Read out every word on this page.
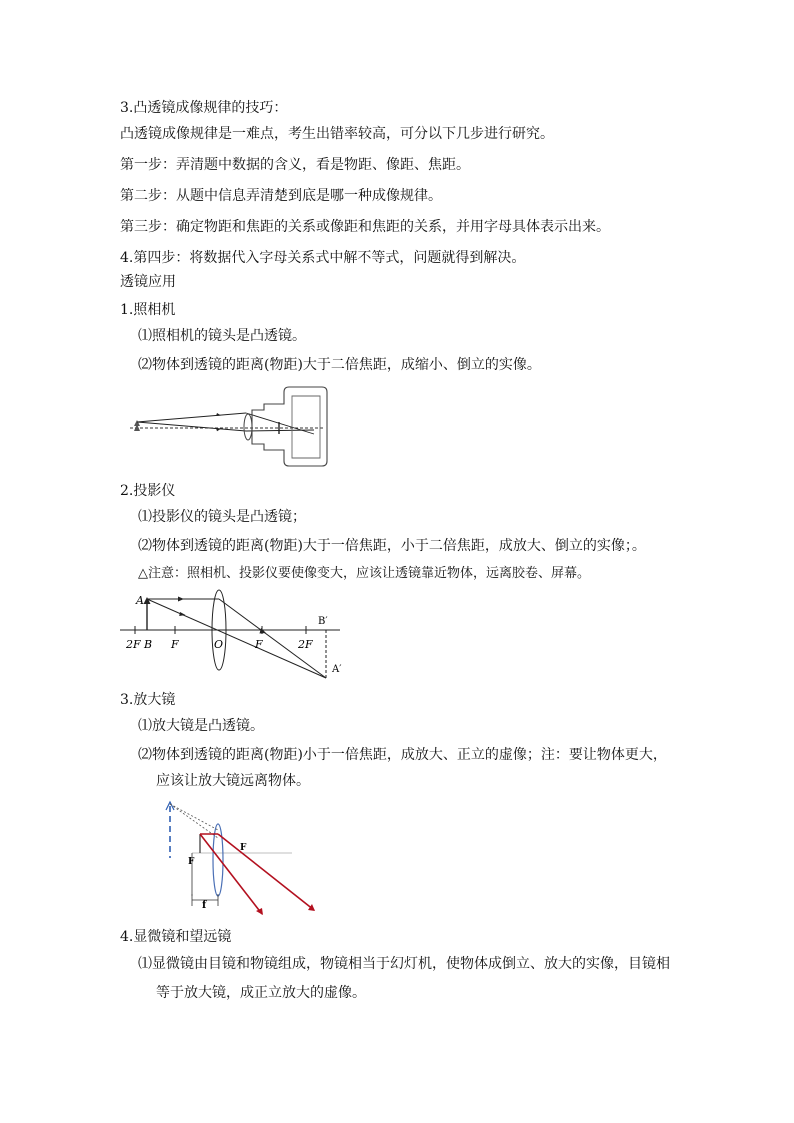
3.凸透镜成像规律的技巧：
凸透镜成像规律是一难点，考生出错率较高，可分以下几步进行研究。
第一步：弄清题中数据的含义，看是物距、像距、焦距。
第二步：从题中信息弄清楚到底是哪一种成像规律。
第三步：确定物距和焦距的关系或像距和焦距的关系，并用字母具体表示出来。
4.第四步：将数据代入字母关系式中解不等式，问题就得到解决。
透镜应用
1.照相机
⑴照相机的镜头是凸透镜。
⑵物体到透镜的距离(物距)大于二倍焦距，成缩小、倒立的实像。
2.投影仪
⑴投影仪的镜头是凸透镜；
⑵物体到透镜的距离(物距)大于一倍焦距，小于二倍焦距，成放大、倒立的实像；。
△注意：照相机、投影仪要使像变大，应该让透镜靠近物体，远离胶卷、屏幕。
A
B
2F	F	O	F	2F
B′
A′
3.放大镜
⑴放大镜是凸透镜。
⑵物体到透镜的距离(物距)小于一倍焦距，成放大、正立的虚像；注：要让物体更大，
应该让放大镜远离物体。
F
F
f
4.显微镜和望远镜
⑴显微镜由目镜和物镜组成，物镜相当于幻灯机，使物体成倒立、放大的实像，目镜相
等于放大镜，成正立放大的虚像。
